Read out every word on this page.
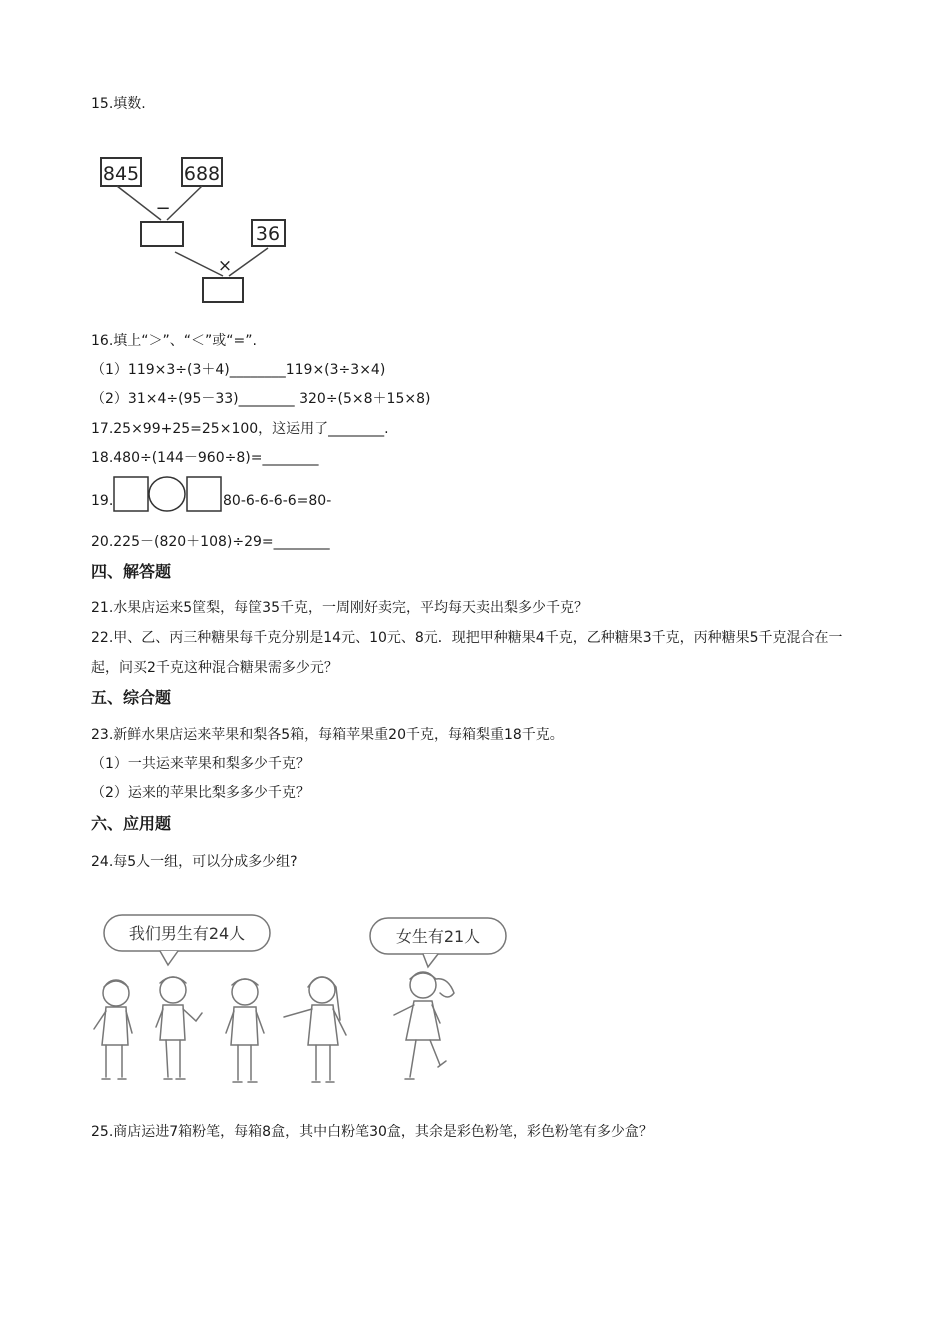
15.填数.
845 688
−
36
×
16.填上“＞”、“＜”或“=”.
（1）119×3÷(3＋4)________119×(3÷3×4)
（2）31×4÷(95－33)________ 320÷(5×8＋15×8)
17.25×99+25=25×100，这运用了________.
18.480÷(144－960÷8)=________
19.	80-6-6-6-6=80-
20.225－(820＋108)÷29=________
四、解答题
21.水果店运来5筐梨，每筐35千克，一周刚好卖完，平均每天卖出梨多少千克？
22.甲、乙、丙三种糖果每千克分别是14元、10元、8元．现把甲种糖果4千克，乙种糖果3千克，丙种糖果5千克混合在一起，问买2千克这种混合糖果需多少元？
五、综合题
23.新鲜水果店运来苹果和梨各5箱，每箱苹果重20千克，每箱梨重18千克。
（1）一共运来苹果和梨多少千克？
（2）运来的苹果比梨多多少千克？
六、应用题
24.每5人一组，可以分成多少组?
我们男生有24人	女生有21人
25.商店运进7箱粉笔，每箱8盒，其中白粉笔30盒，其余是彩色粉笔，彩色粉笔有多少盒？
